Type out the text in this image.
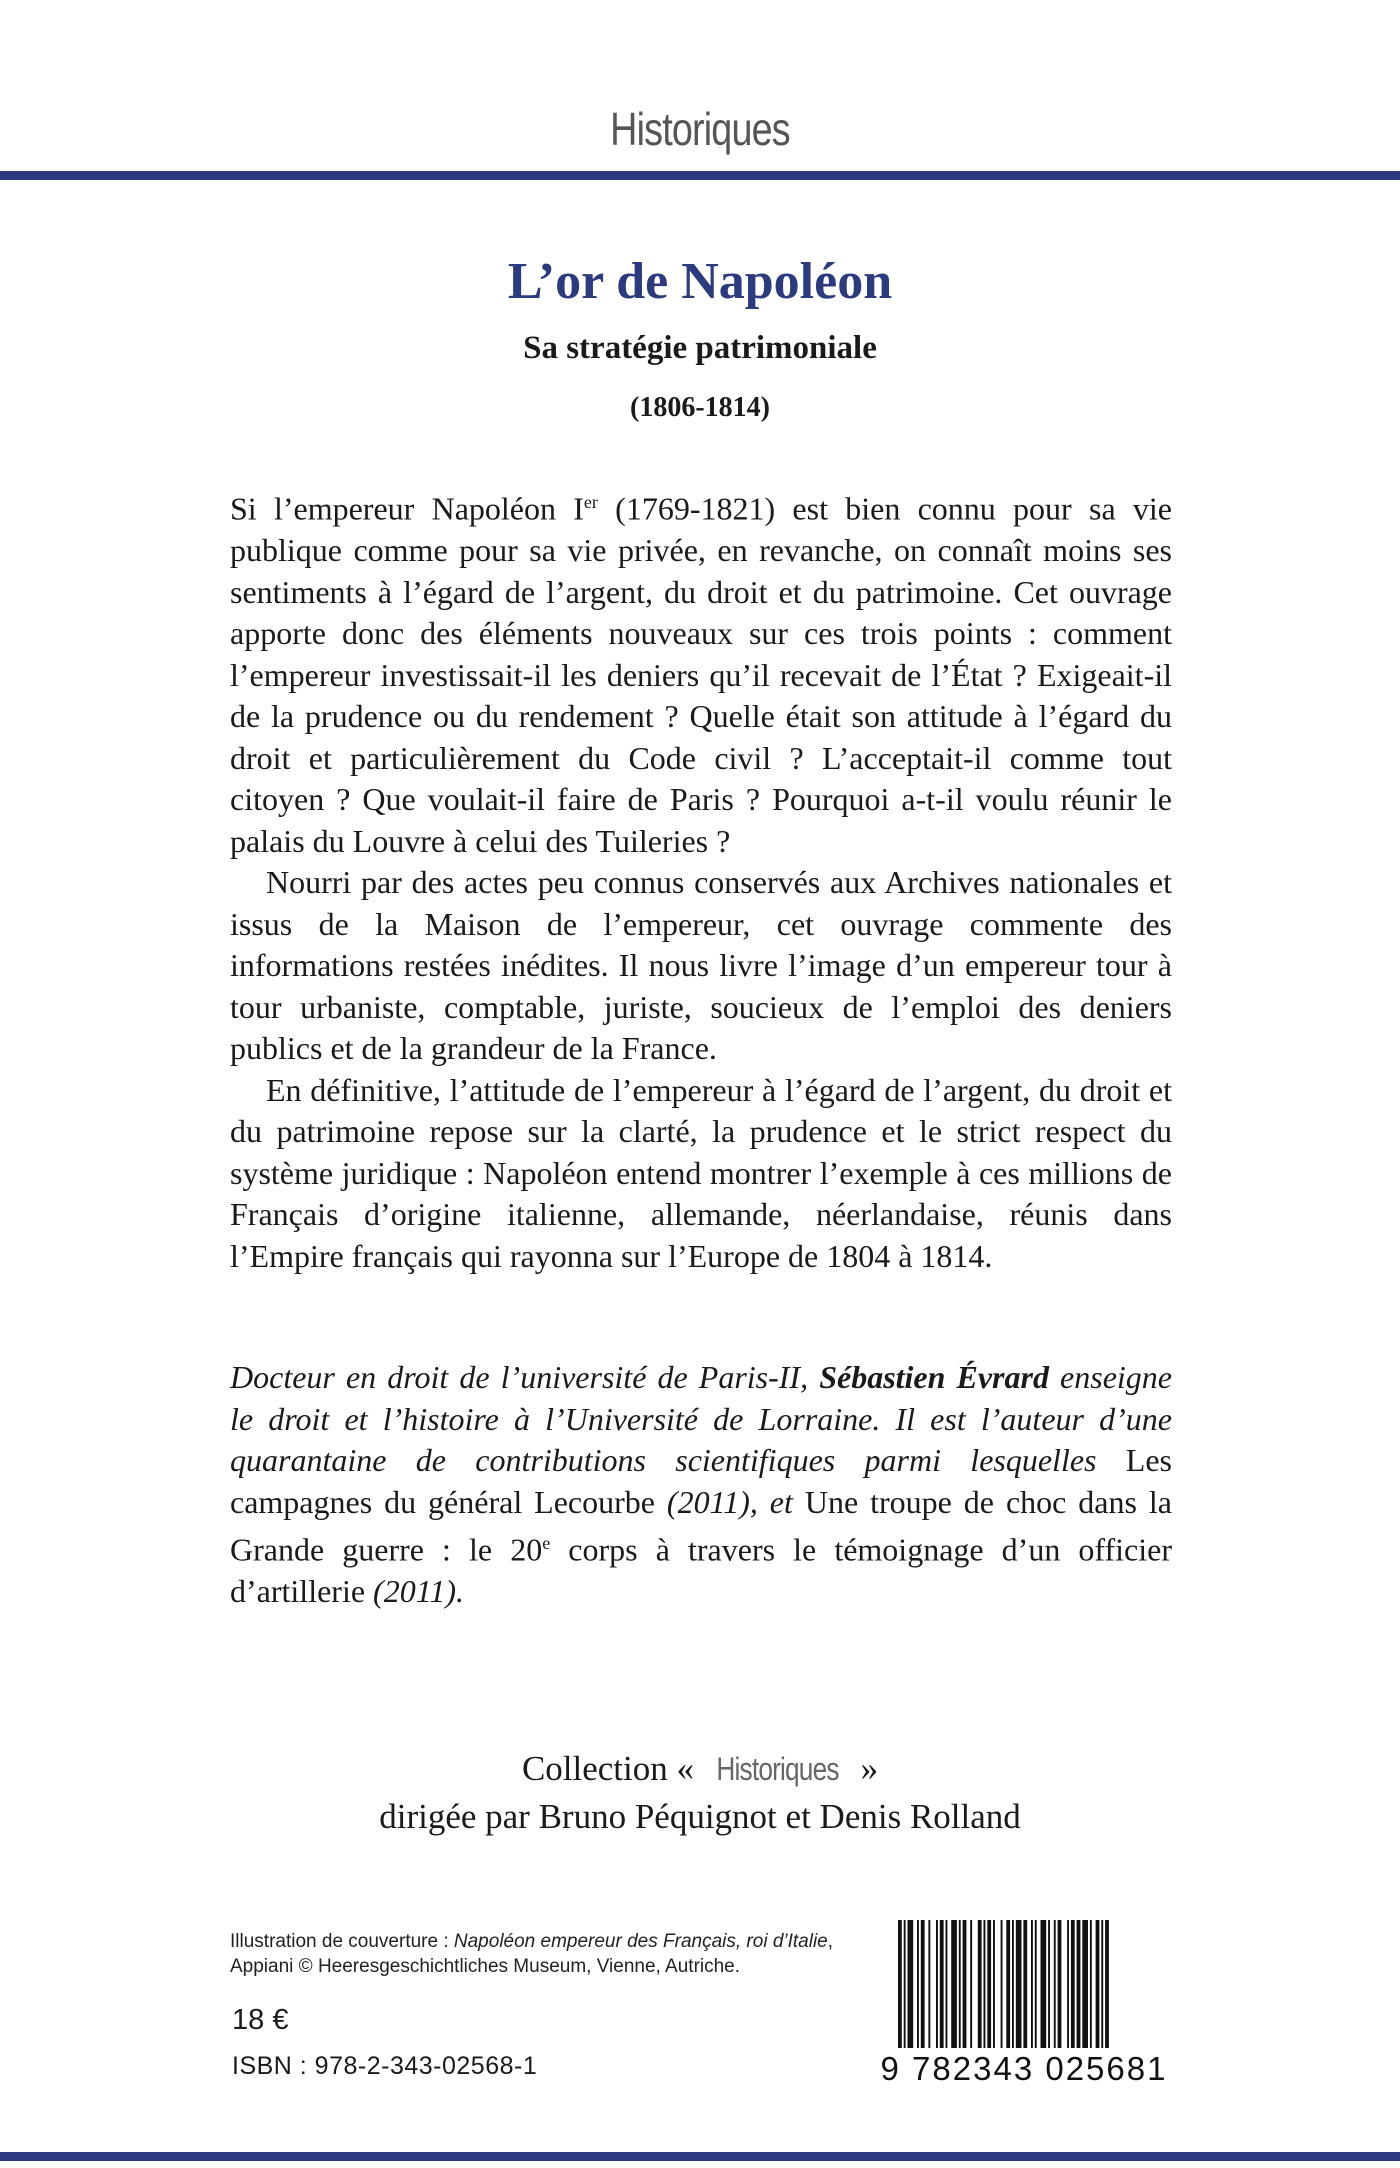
Historiques
L’or de Napoléon
Sa stratégie patrimoniale
(1806-1814)

Si l’empereur Napoléon Ier (1769-1821) est bien connu pour sa vie publique comme pour sa vie privée, en revanche, on connaît moins ses sentiments à l’égard de l’argent, du droit et du patrimoine. Cet ouvrage apporte donc des éléments nouveaux sur ces trois points : comment l’empereur investissait-il les deniers qu’il recevait de l’État ? Exigeait-il de la prudence ou du rendement ? Quelle était son attitude à l’égard du droit et particulièrement du Code civil ? L’acceptait-il comme tout citoyen ? Que voulait-il faire de Paris ? Pourquoi a-t-il voulu réunir le palais du Louvre à celui des Tuileries ?

Nourri par des actes peu connus conservés aux Archives nationales et issus de la Maison de l’empereur, cet ouvrage commente des informations restées inédites. Il nous livre l’image d’un empereur tour à tour urbaniste, comptable, juriste, soucieux de l’emploi des deniers publics et de la grandeur de la France.

En définitive, l’attitude de l’empereur à l’égard de l’argent, du droit et du patrimoine repose sur la clarté, la prudence et le strict respect du système juridique : Napoléon entend montrer l’exemple à ces millions de Français d’origine italienne, allemande, néerlandaise, réunis dans l’Empire français qui rayonna sur l’Europe de 1804 à 1814.

Docteur en droit de l’université de Paris-II, Sébastien Évrard enseigne le droit et l’histoire à l’Université de Lorraine. Il est l’auteur d’une quarantaine de contributions scientifiques parmi lesquelles Les campagnes du général Lecourbe (2011), et Une troupe de choc dans la Grande guerre : le 20e corps à travers le témoignage d’un officier d’artillerie (2011).
Collection « Historiques »
dirigée par Bruno Péquignot et Denis Rolland
Illustration de couverture : Napoléon empereur des Français, roi d’Italie, Appiani © Heeresgeschichtliches Museum, Vienne, Autriche.
18 €
ISBN : 978-2-343-02568-1	9 782343 025681
